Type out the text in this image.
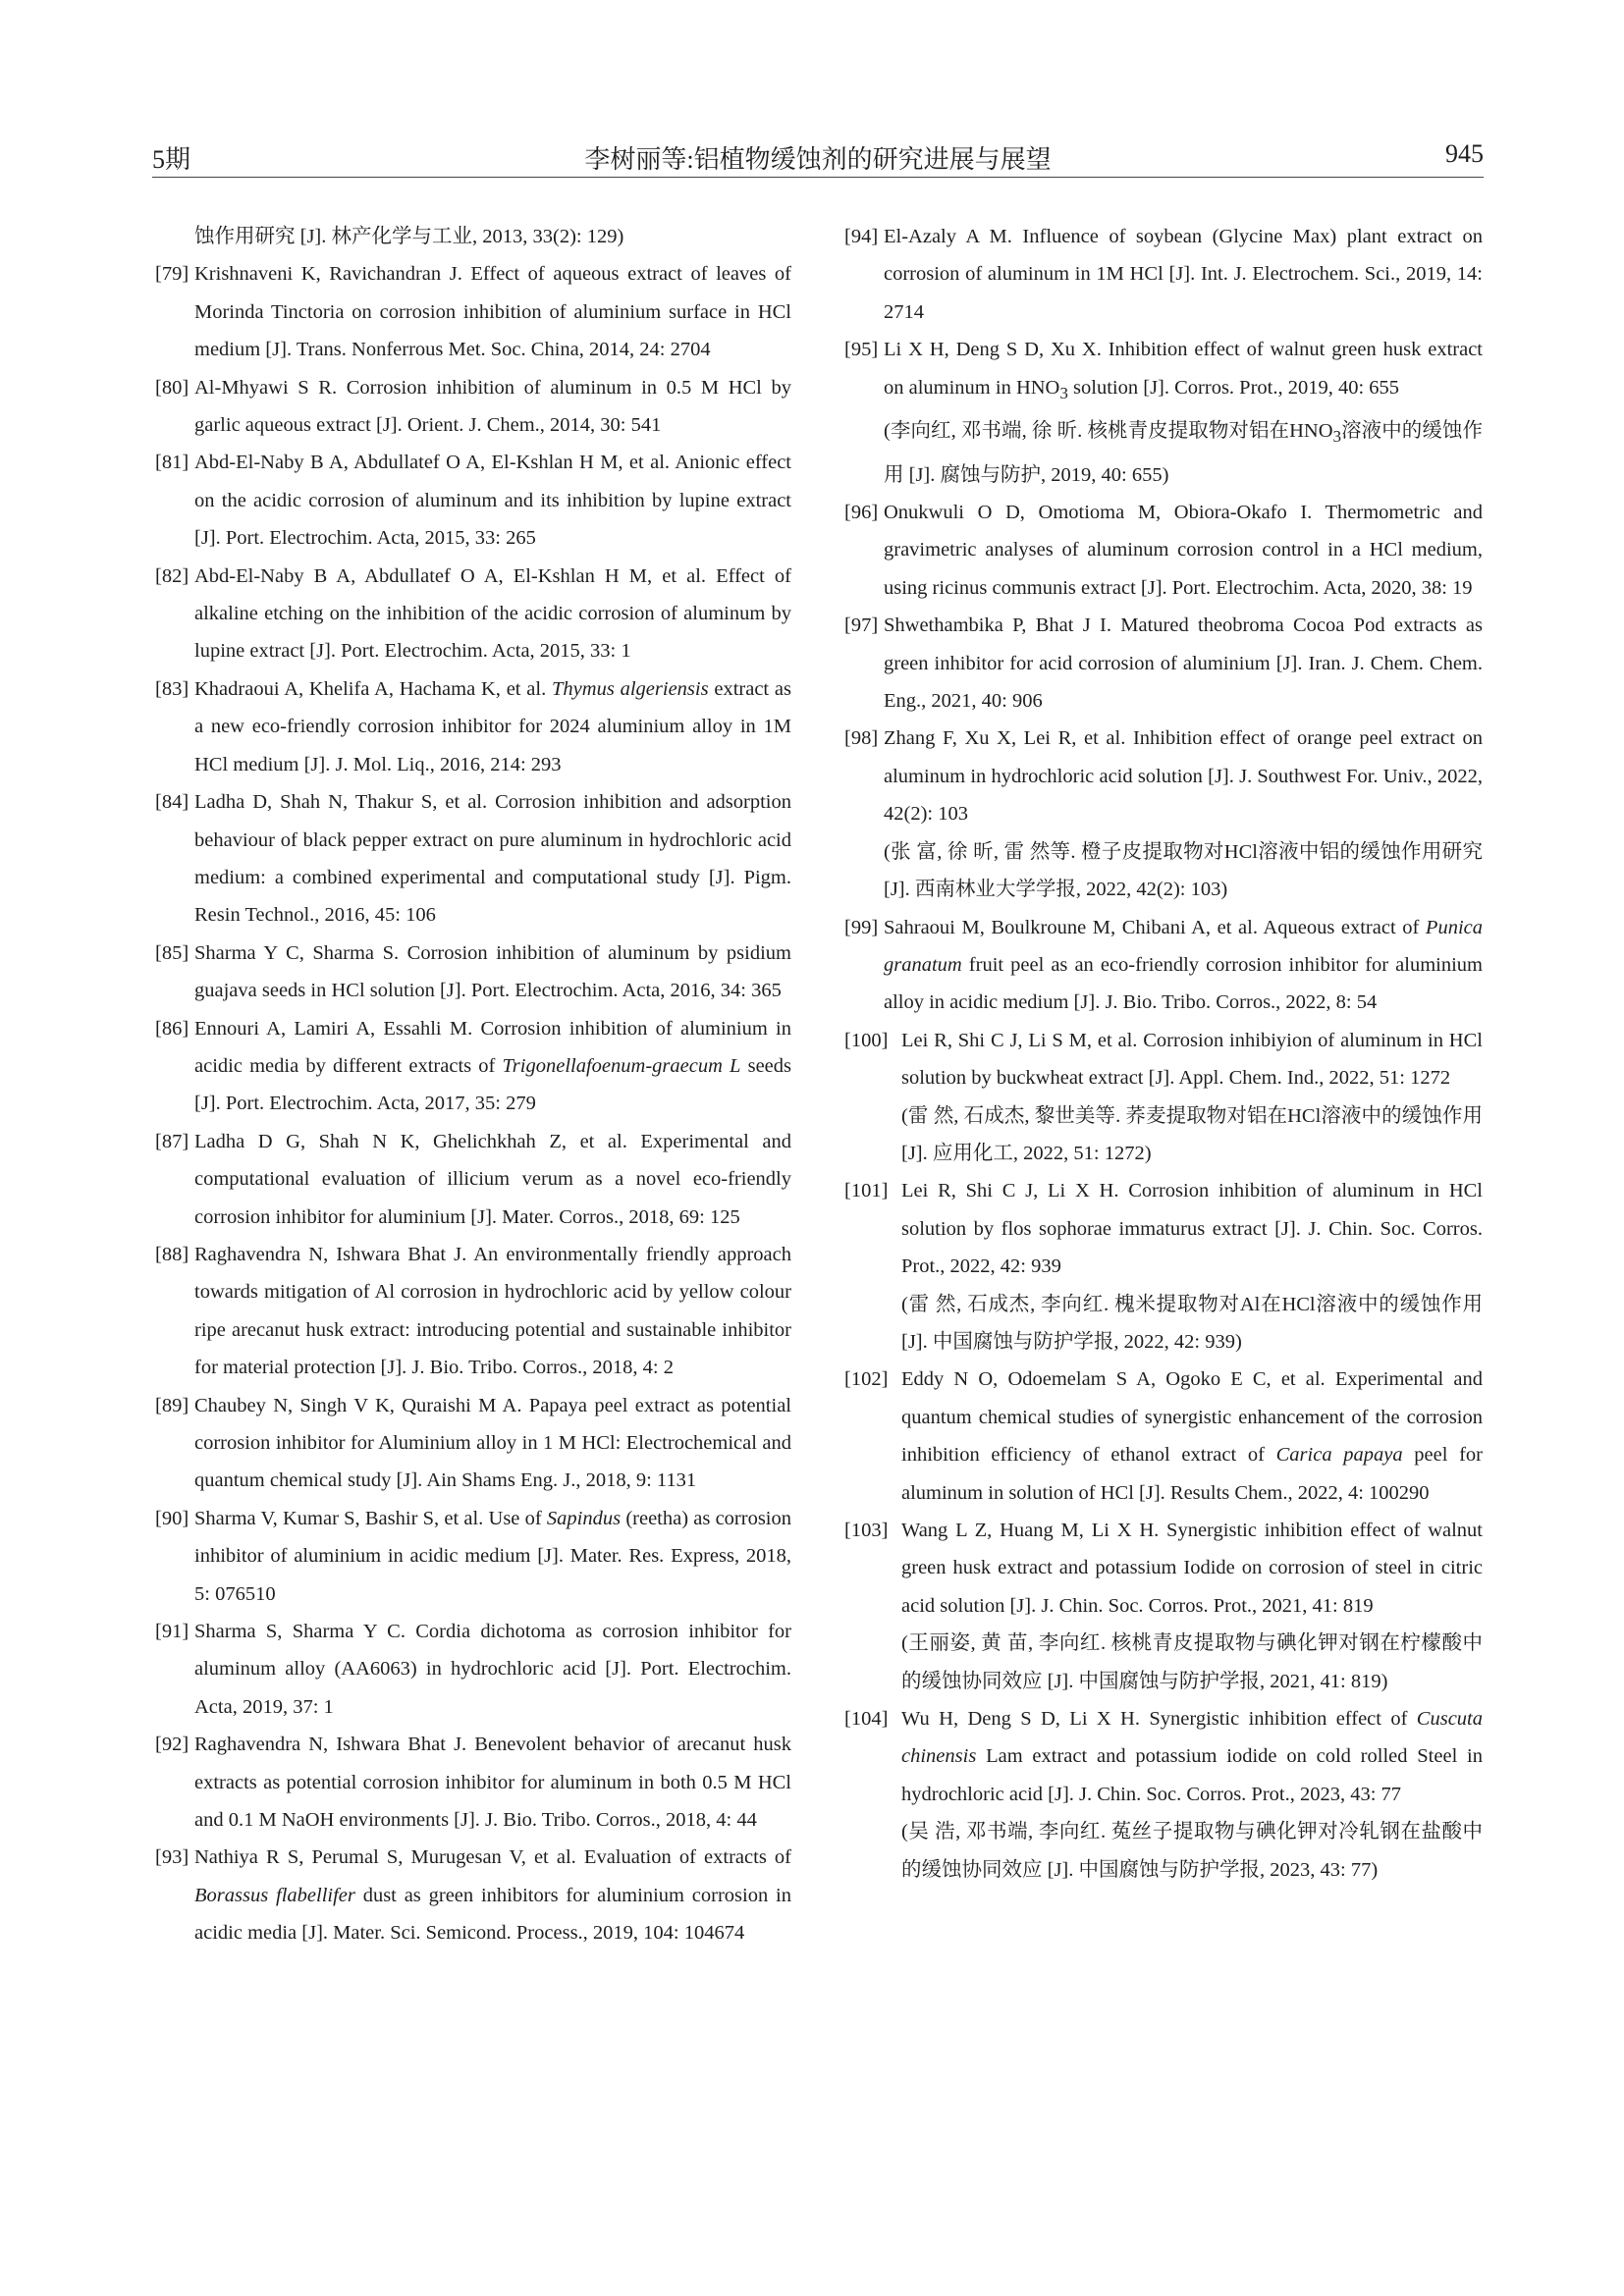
5期	李树丽等:铝植物缓蚀剂的研究进展与展望	945
蚀作用研究 [J]. 林产化学与工业, 2013, 33(2): 129)
[79] Krishnaveni K, Ravichandran J. Effect of aqueous extract of leaves of Morinda Tinctoria on corrosion inhibition of aluminium surface in HCl medium [J]. Trans. Nonferrous Met. Soc. China, 2014, 24: 2704
[80] Al-Mhyawi S R. Corrosion inhibition of aluminum in 0.5 M HCl by garlic aqueous extract [J]. Orient. J. Chem., 2014, 30: 541
[81] Abd-El-Naby B A, Abdullatef O A, El-Kshlan H M, et al. Anionic effect on the acidic corrosion of aluminum and its inhibition by lupine extract [J]. Port. Electrochim. Acta, 2015, 33: 265
[82] Abd-El-Naby B A, Abdullatef O A, El-Kshlan H M, et al. Effect of alkaline etching on the inhibition of the acidic corrosion of aluminum by lupine extract [J]. Port. Electrochim. Acta, 2015, 33: 1
[83] Khadraoui A, Khelifa A, Hachama K, et al. Thymus algeriensis extract as a new eco-friendly corrosion inhibitor for 2024 aluminium alloy in 1M HCl medium [J]. J. Mol. Liq., 2016, 214: 293
[84] Ladha D, Shah N, Thakur S, et al. Corrosion inhibition and adsorption behaviour of black pepper extract on pure aluminum in hydrochloric acid medium: a combined experimental and computational study [J]. Pigm. Resin Technol., 2016, 45: 106
[85] Sharma Y C, Sharma S. Corrosion inhibition of aluminum by psidium guajava seeds in HCl solution [J]. Port. Electrochim. Acta, 2016, 34: 365
[86] Ennouri A, Lamiri A, Essahli M. Corrosion inhibition of aluminium in acidic media by different extracts of Trigonellafoenum-graecum L seeds [J]. Port. Electrochim. Acta, 2017, 35: 279
[87] Ladha D G, Shah N K, Ghelichkhah Z, et al. Experimental and computational evaluation of illicium verum as a novel eco-friendly corrosion inhibitor for aluminium [J]. Mater. Corros., 2018, 69: 125
[88] Raghavendra N, Ishwara Bhat J. An environmentally friendly approach towards mitigation of Al corrosion in hydrochloric acid by yellow colour ripe arecanut husk extract: introducing potential and sustainable inhibitor for material protection [J]. J. Bio. Tribo. Corros., 2018, 4: 2
[89] Chaubey N, Singh V K, Quraishi M A. Papaya peel extract as potential corrosion inhibitor for Aluminium alloy in 1 M HCl: Electrochemical and quantum chemical study [J]. Ain Shams Eng. J., 2018, 9: 1131
[90] Sharma V, Kumar S, Bashir S, et al. Use of Sapindus (reetha) as corrosion inhibitor of aluminium in acidic medium [J]. Mater. Res. Express, 2018, 5: 076510
[91] Sharma S, Sharma Y C. Cordia dichotoma as corrosion inhibitor for aluminum alloy (AA6063) in hydrochloric acid [J]. Port. Electrochim. Acta, 2019, 37: 1
[92] Raghavendra N, Ishwara Bhat J. Benevolent behavior of arecanut husk extracts as potential corrosion inhibitor for aluminum in both 0.5 M HCl and 0.1 M NaOH environments [J]. J. Bio. Tribo. Corros., 2018, 4: 44
[93] Nathiya R S, Perumal S, Murugesan V, et al. Evaluation of extracts of Borassus flabellifer dust as green inhibitors for aluminium corrosion in acidic media [J]. Mater. Sci. Semicond. Process., 2019, 104: 104674
[94] El-Azaly A M. Influence of soybean (Glycine Max) plant extract on corrosion of aluminum in 1M HCl [J]. Int. J. Electrochem. Sci., 2019, 14: 2714
[95] Li X H, Deng S D, Xu X. Inhibition effect of walnut green husk extract on aluminum in $HNO_3$ solution [J]. Corros. Prot., 2019, 40: 655
(李向红, 邓书端, 徐 昕. 核桃青皮提取物对铝在$HNO_3$溶液中的缓蚀作用 [J]. 腐蚀与防护, 2019, 40: 655)
[96] Onukwuli O D, Omotioma M, Obiora-Okafo I. Thermometric and gravimetric analyses of aluminum corrosion control in a HCl medium, using ricinus communis extract [J]. Port. Electrochim. Acta, 2020, 38: 19
[97] Shwethambika P, Bhat J I. Matured theobroma Cocoa Pod extracts as green inhibitor for acid corrosion of aluminium [J]. Iran. J. Chem. Chem. Eng., 2021, 40: 906
[98] Zhang F, Xu X, Lei R, et al. Inhibition effect of orange peel extract on aluminum in hydrochloric acid solution [J]. J. Southwest For. Univ., 2022, 42(2): 103
(张 富, 徐 昕, 雷 然等. 橙子皮提取物对HCl溶液中铝的缓蚀作用研究 [J]. 西南林业大学学报, 2022, 42(2): 103)
[99] Sahraoui M, Boulkroune M, Chibani A, et al. Aqueous extract of Punica granatum fruit peel as an eco-friendly corrosion inhibitor for aluminium alloy in acidic medium [J]. J. Bio. Tribo. Corros., 2022, 8: 54
[100] Lei R, Shi C J, Li S M, et al. Corrosion inhibiyion of aluminum in HCl solution by buckwheat extract [J]. Appl. Chem. Ind., 2022, 51: 1272
(雷 然, 石成杰, 黎世美等. 荞麦提取物对铝在HCl溶液中的缓蚀作用 [J]. 应用化工, 2022, 51: 1272)
[101] Lei R, Shi C J, Li X H. Corrosion inhibition of aluminum in HCl solution by flos sophorae immaturus extract [J]. J. Chin. Soc. Corros. Prot., 2022, 42: 939
(雷 然, 石成杰, 李向红. 槐米提取物对Al在HCl溶液中的缓蚀作用 [J]. 中国腐蚀与防护学报, 2022, 42: 939)
[102] Eddy N O, Odoemelam S A, Ogoko E C, et al. Experimental and quantum chemical studies of synergistic enhancement of the corrosion inhibition efficiency of ethanol extract of Carica papaya peel for aluminum in solution of HCl [J]. Results Chem., 2022, 4: 100290
[103] Wang L Z, Huang M, Li X H. Synergistic inhibition effect of walnut green husk extract and potassium Iodide on corrosion of steel in citric acid solution [J]. J. Chin. Soc. Corros. Prot., 2021, 41: 819
(王丽姿, 黄 苗, 李向红. 核桃青皮提取物与碘化钾对钢在柠檬酸中的缓蚀协同效应 [J]. 中国腐蚀与防护学报, 2021, 41: 819)
[104] Wu H, Deng S D, Li X H. Synergistic inhibition effect of Cuscuta chinensis Lam extract and potassium iodide on cold rolled Steel in hydrochloric acid [J]. J. Chin. Soc. Corros. Prot., 2023, 43: 77
(吴 浩, 邓书端, 李向红. 菟丝子提取物与碘化钾对冷轧钢在盐酸中的缓蚀协同效应 [J]. 中国腐蚀与防护学报, 2023, 43: 77)
